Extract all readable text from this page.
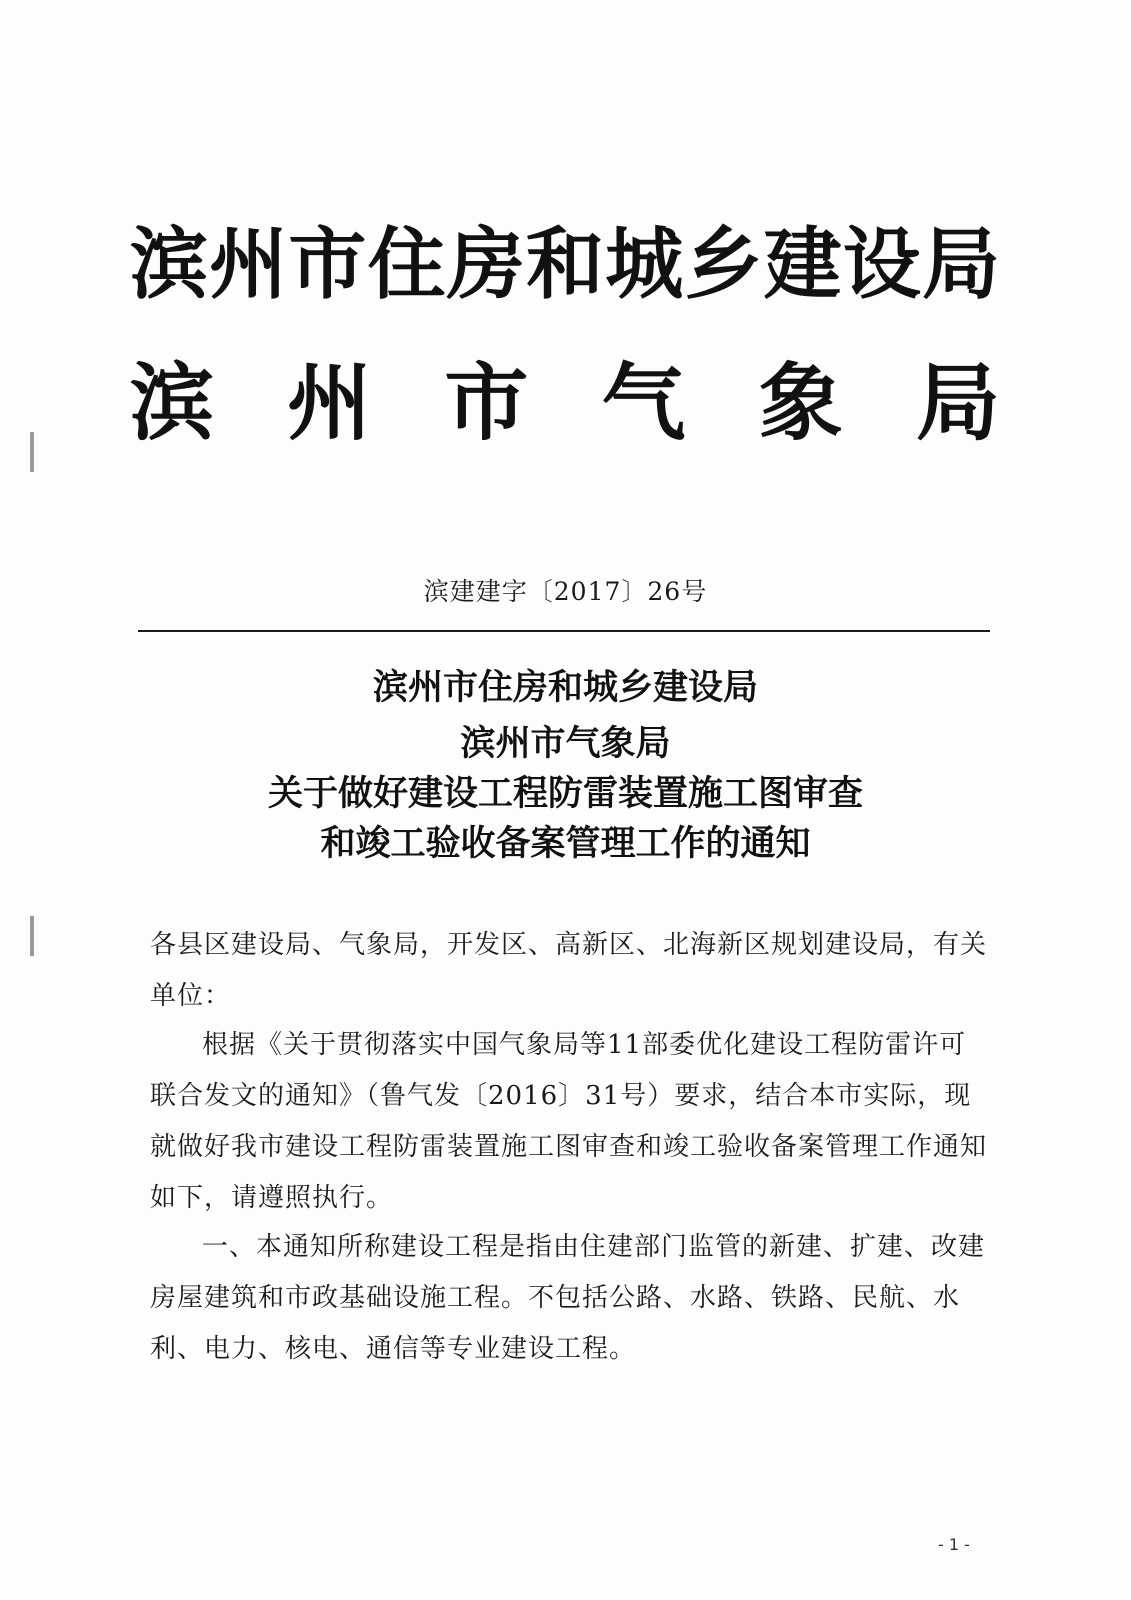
滨州市住房和城乡建设局
滨州市气象局
滨建建字〔2017〕26号
滨州市住房和城乡建设局
滨州市气象局
关于做好建设工程防雷装置施工图审查
和竣工验收备案管理工作的通知
各县区建设局、气象局，开发区、高新区、北海新区规划建设局，有关单位：
根据《关于贯彻落实中国气象局等11部委优化建设工程防雷许可联合发文的通知》（鲁气发〔2016〕31号）要求，结合本市实际，现就做好我市建设工程防雷装置施工图审查和竣工验收备案管理工作通知如下，请遵照执行。
一、本通知所称建设工程是指由住建部门监管的新建、扩建、改建房屋建筑和市政基础设施工程。不包括公路、水路、铁路、民航、水利、电力、核电、通信等专业建设工程。
- 1 -
